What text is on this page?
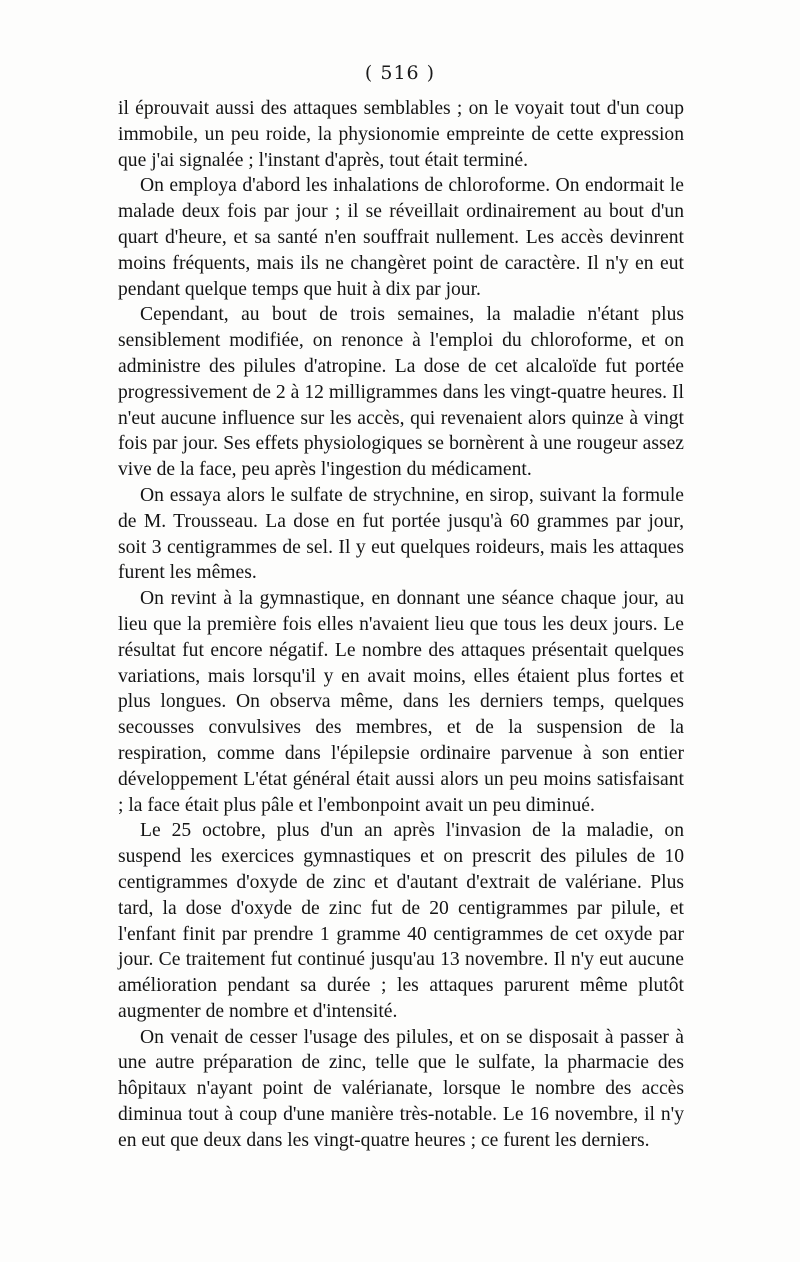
( 516 )

il éprouvait aussi des attaques semblables ; on le voyait tout d'un coup immobile, un peu roide, la physionomie empreinte de cette expression que j'ai signalée ; l'instant d'après, tout était terminé.

On employa d'abord les inhalations de chloroforme. On endormait le malade deux fois par jour ; il se réveillait ordinairement au bout d'un quart d'heure, et sa santé n'en souffrait nullement. Les accès devinrent moins fréquents, mais ils ne changèret point de caractère. Il n'y en eut pendant quelque temps que huit à dix par jour.

Cependant, au bout de trois semaines, la maladie n'étant plus sensiblement modifiée, on renonce à l'emploi du chloroforme, et on administre des pilules d'atropine. La dose de cet alcaloïde fut portée progressivement de 2 à 12 milligrammes dans les vingt-quatre heures. Il n'eut aucune influence sur les accès, qui revenaient alors quinze à vingt fois par jour. Ses effets physiologiques se bornèrent à une rougeur assez vive de la face, peu après l'ingestion du médicament.

On essaya alors le sulfate de strychnine, en sirop, suivant la formule de M. Trousseau. La dose en fut portée jusqu'à 60 grammes par jour, soit 3 centigrammes de sel. Il y eut quelques roideurs, mais les attaques furent les mêmes.

On revint à la gymnastique, en donnant une séance chaque jour, au lieu que la première fois elles n'avaient lieu que tous les deux jours. Le résultat fut encore négatif. Le nombre des attaques présentait quelques variations, mais lorsqu'il y en avait moins, elles étaient plus fortes et plus longues. On observa même, dans les derniers temps, quelques secousses convulsives des membres, et de la suspension de la respiration, comme dans l'épilepsie ordinaire parvenue à son entier développement L'état général était aussi alors un peu moins satisfaisant ; la face était plus pâle et l'embonpoint avait un peu diminué.

Le 25 octobre, plus d'un an après l'invasion de la maladie, on suspend les exercices gymnastiques et on prescrit des pilules de 10 centigrammes d'oxyde de zinc et d'autant d'extrait de valériane. Plus tard, la dose d'oxyde de zinc fut de 20 centigrammes par pilule, et l'enfant finit par prendre 1 gramme 40 centigrammes de cet oxyde par jour. Ce traitement fut continué jusqu'au 13 novembre. Il n'y eut aucune amélioration pendant sa durée ; les attaques parurent même plutôt augmenter de nombre et d'intensité.

On venait de cesser l'usage des pilules, et on se disposait à passer à une autre préparation de zinc, telle que le sulfate, la pharmacie des hôpitaux n'ayant point de valérianate, lorsque le nombre des accès diminua tout à coup d'une manière très-notable. Le 16 novembre, il n'y en eut que deux dans les vingt-quatre heures ; ce furent les derniers.
